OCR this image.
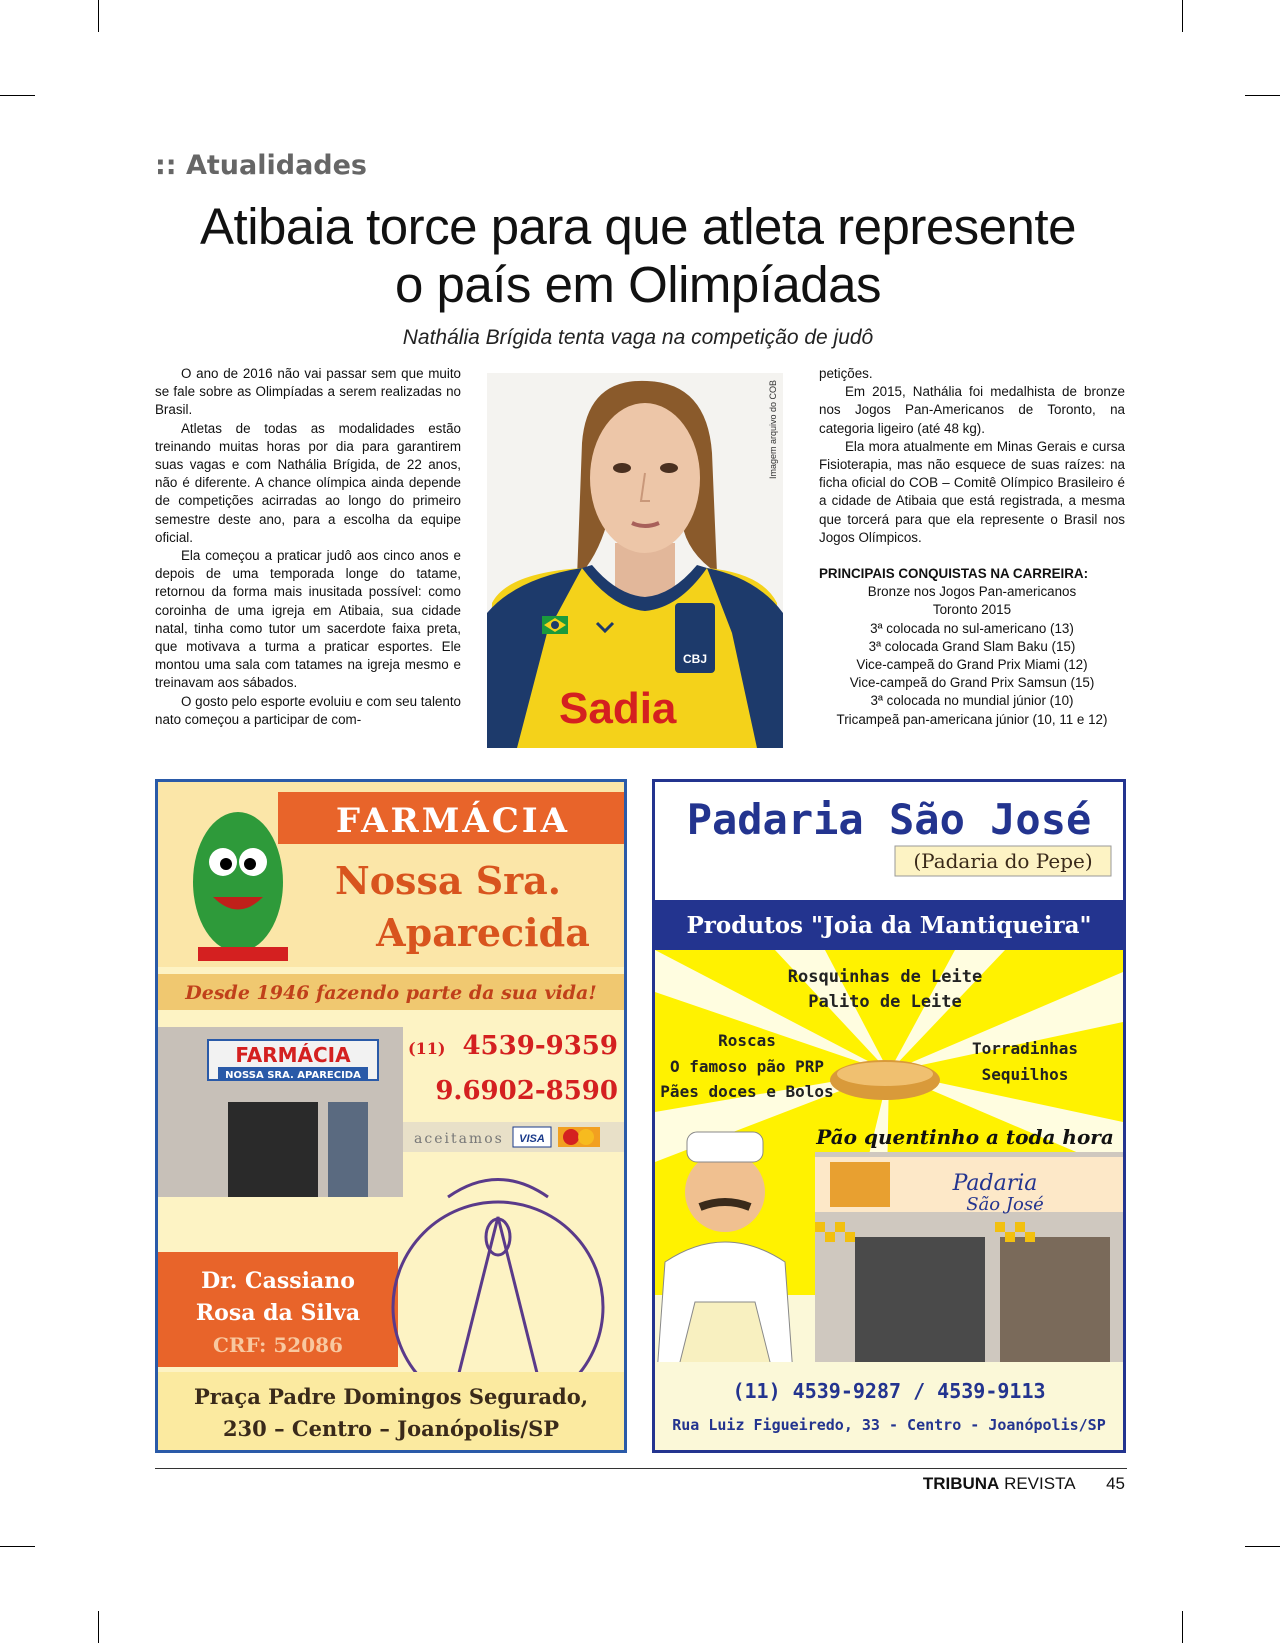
:: Atualidades
Atibaia torce para que atleta represente
o país em Olimpíadas
Nathália Brígida tenta vaga na competição de judô

O ano de 2016 não vai passar sem que muito se fale sobre as Olimpíadas a serem realizadas no Brasil.

Atletas de todas as modalidades estão treinando muitas horas por dia para garantirem suas vagas e com Nathália Brígida, de 22 anos, não é diferente. A chance olímpica ainda depende de competições acirradas ao longo do primeiro semestre deste ano, para a escolha da equipe oficial.

Ela começou a praticar judô aos cinco anos e depois de uma temporada longe do tatame, retornou da forma mais inusitada possível: como coroinha de uma igreja em Atibaia, sua cidade natal, tinha como tutor um sacerdote faixa preta, que motivava a turma a praticar esportes. Ele montou uma sala com tatames na igreja mesmo e treinavam aos sábados.

O gosto pelo esporte evoluiu e com seu talento nato começou a participar de com-

CBJ
Sadia
Imagem arquivo do COB

petições.

Em 2015, Nathália foi medalhista de bronze nos Jogos Pan-Americanos de Toronto, na categoria ligeiro (até 48 kg).

Ela mora atualmente em Minas Gerais e cursa Fisioterapia, mas não esquece de suas raízes: na ficha oficial do COB – Comitê Olímpico Brasileiro é a cidade de Atibaia que está registrada, a mesma que torcerá para que ela represente o Brasil nos Jogos Olímpicos.

PRINCIPAIS CONQUISTAS NA CARREIRA:

Bronze nos Jogos Pan-americanos

Toronto 2015

3ª colocada no sul-americano (13)

3ª colocada Grand Slam Baku (15)

Vice-campeã do Grand Prix Miami (12)

Vice-campeã do Grand Prix Samsun (15)

3ª colocada no mundial júnior (10)

Tricampeã pan-americana júnior (10, 11 e 12)

FARMÁCIA
Nossa Sra.
Aparecida
Desde 1946 fazendo parte da sua vida!
FARMÁCIA
NOSSA SRA. APARECIDA
(11) 4539-9359
9.6902-8590
aceitamos VISA
Dr. Cassiano
Rosa da Silva
CRF: 52086
Praça Padre Domingos Segurado,
230 – Centro – Joanópolis/SP
Padaria São José
(Padaria do Pepe)
Produtos "Joia da Mantiqueira"
Rosquinhas de Leite
Palito de Leite
Roscas
O famoso pão PRP
Pães doces e Bolos
Torradinhas
Sequilhos
Pão quentinho a toda hora
Padaria
São José
(11) 4539-9287 / 4539-9113
Rua Luiz Figueiredo, 33 - Centro - Joanópolis/SP
TRIBUNA REVISTA 45
